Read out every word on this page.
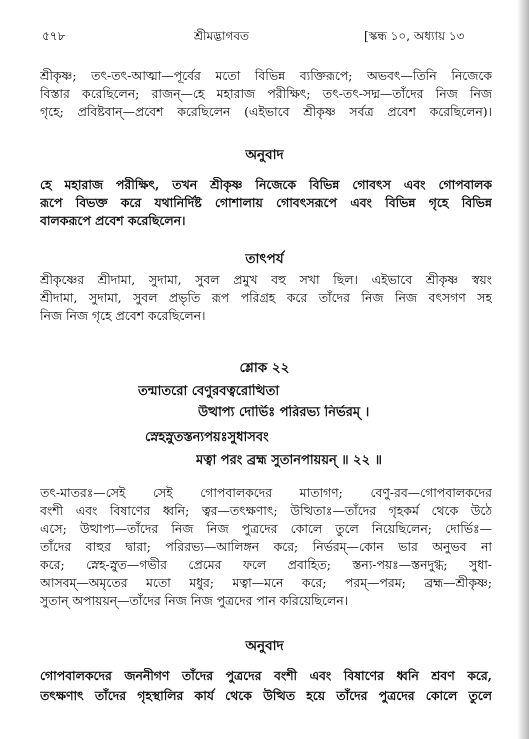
৫৭৮	শ্রীমদ্ভাগবত	[স্কন্ধ ১০, অধ্যায় ১৩
শ্রীকৃষ্ণ; তৎ-তৎ-আত্মা—পূর্বের মতো বিভিন্ন ব্যক্তিরূপে; অভবৎ—তিনি নিজেকে
বিস্তার করেছিলেন; রাজন্—হে মহারাজ পরীক্ষিৎ; তৎ-তৎ-সদ্ম—তাঁদের নিজ নিজ
গৃহে; প্রবিষ্টবান্—প্রবেশ করেছিলেন (এইভাবে শ্রীকৃষ্ণ সর্বত্র প্রবেশ করেছিলেন)।
অনুবাদ
হে মহারাজ পরীক্ষিৎ, তখন শ্রীকৃষ্ণ নিজেকে বিভিন্ন গোবৎস এবং গোপবালক
রূপে বিভক্ত করে যথানির্দিষ্ট গোশালায় গোবৎসরূপে এবং বিভিন্ন গৃহে বিভিন্ন
বালকরূপে প্রবেশ করেছিলেন।
তাৎপর্য
শ্রীকৃষ্ণের শ্রীদামা, সুদামা, সুবল প্রমুখ বহু সখা ছিল। এইভাবে শ্রীকৃষ্ণ স্বয়ং
শ্রীদামা, সুদামা, সুবল প্রভৃতি রূপ পরিগ্রহ করে তাঁদের নিজ নিজ বৎসগণ সহ
নিজ নিজ গৃহে প্রবেশ করেছিলেন।
শ্লোক ২২
তন্মাতরো বেণুরবত্বরোত্থিতা
উত্থাপ্য দোর্ভিঃ পরিরভ্য নির্ভরম্ ।
স্নেহস্নুতস্তন্যপয়ঃসুধাসবং
মত্বা পরং ব্রহ্ম সুতানপায়য়ন্ ॥ ২২ ॥
তৎ-মাতরঃ—সেই সেই গোপবালকদের মাতাগণ; বেণু-রব—গোপবালকদের
বংশী এবং বিষাণের ধ্বনি; ত্বর—তৎক্ষণাৎ; উত্থিতাঃ—তাঁদের গৃহকর্ম থেকে উঠে
এসে; উত্থাপ্য—তাঁদের নিজ নিজ পুত্রদের কোলে তুলে নিয়েছিলেন; দোর্ভিঃ—
তাঁদের বাহুর দ্বারা; পরিরভ্য—আলিঙ্গন করে; নির্ভরম্—কোন ভার অনুভব না
করে; স্নেহ-স্নুত—গভীর প্রেমের ফলে প্রবাহিত; স্তন্য-পয়ঃ—স্তনদুগ্ধ; সুধা-
আসবম্—অমৃতের মতো মধুর; মত্বা—মনে করে; পরম্—পরম; ব্রহ্ম—শ্রীকৃষ্ণ;
সুতান্ অপায়য়ন্—তাঁদের নিজ নিজ পুত্রদের পান করিয়েছিলেন।
অনুবাদ
গোপবালকদের জননীগণ তাঁদের পুত্রদের বংশী এবং বিষাণের ধ্বনি শ্রবণ করে,
তৎক্ষণাৎ তাঁদের গৃহস্থালির কার্য থেকে উত্থিত হয়ে তাঁদের পুত্রদের কোলে তুলে
